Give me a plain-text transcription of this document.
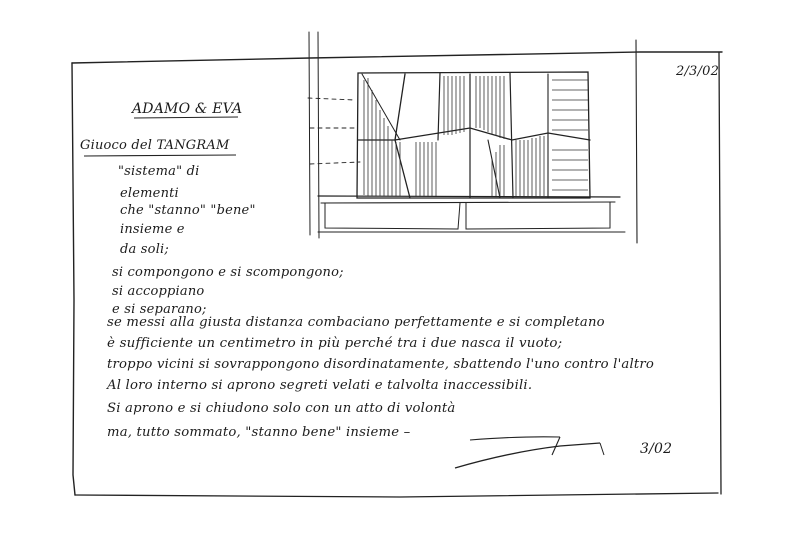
2/3/02
ADAMO & EVA
Giuoco del TANGRAM
"sistema" di
elementi
che "stanno" "bene"
insieme e
da soli;
si compongono e si scompongono;
si accoppiano
e si separano;
se messi alla giusta distanza combaciano perfettamente e si completano
è sufficiente un centimetro in più perché tra i due nasca il vuoto;
troppo vicini si sovrappongono disordinatamente, sbattendo l'uno contro l'altro
Al loro interno si aprono segreti velati e talvolta inaccessibili.
Si aprono e si chiudono solo con un atto di volontà
ma, tutto sommato, "stanno bene" insieme –
3/02
